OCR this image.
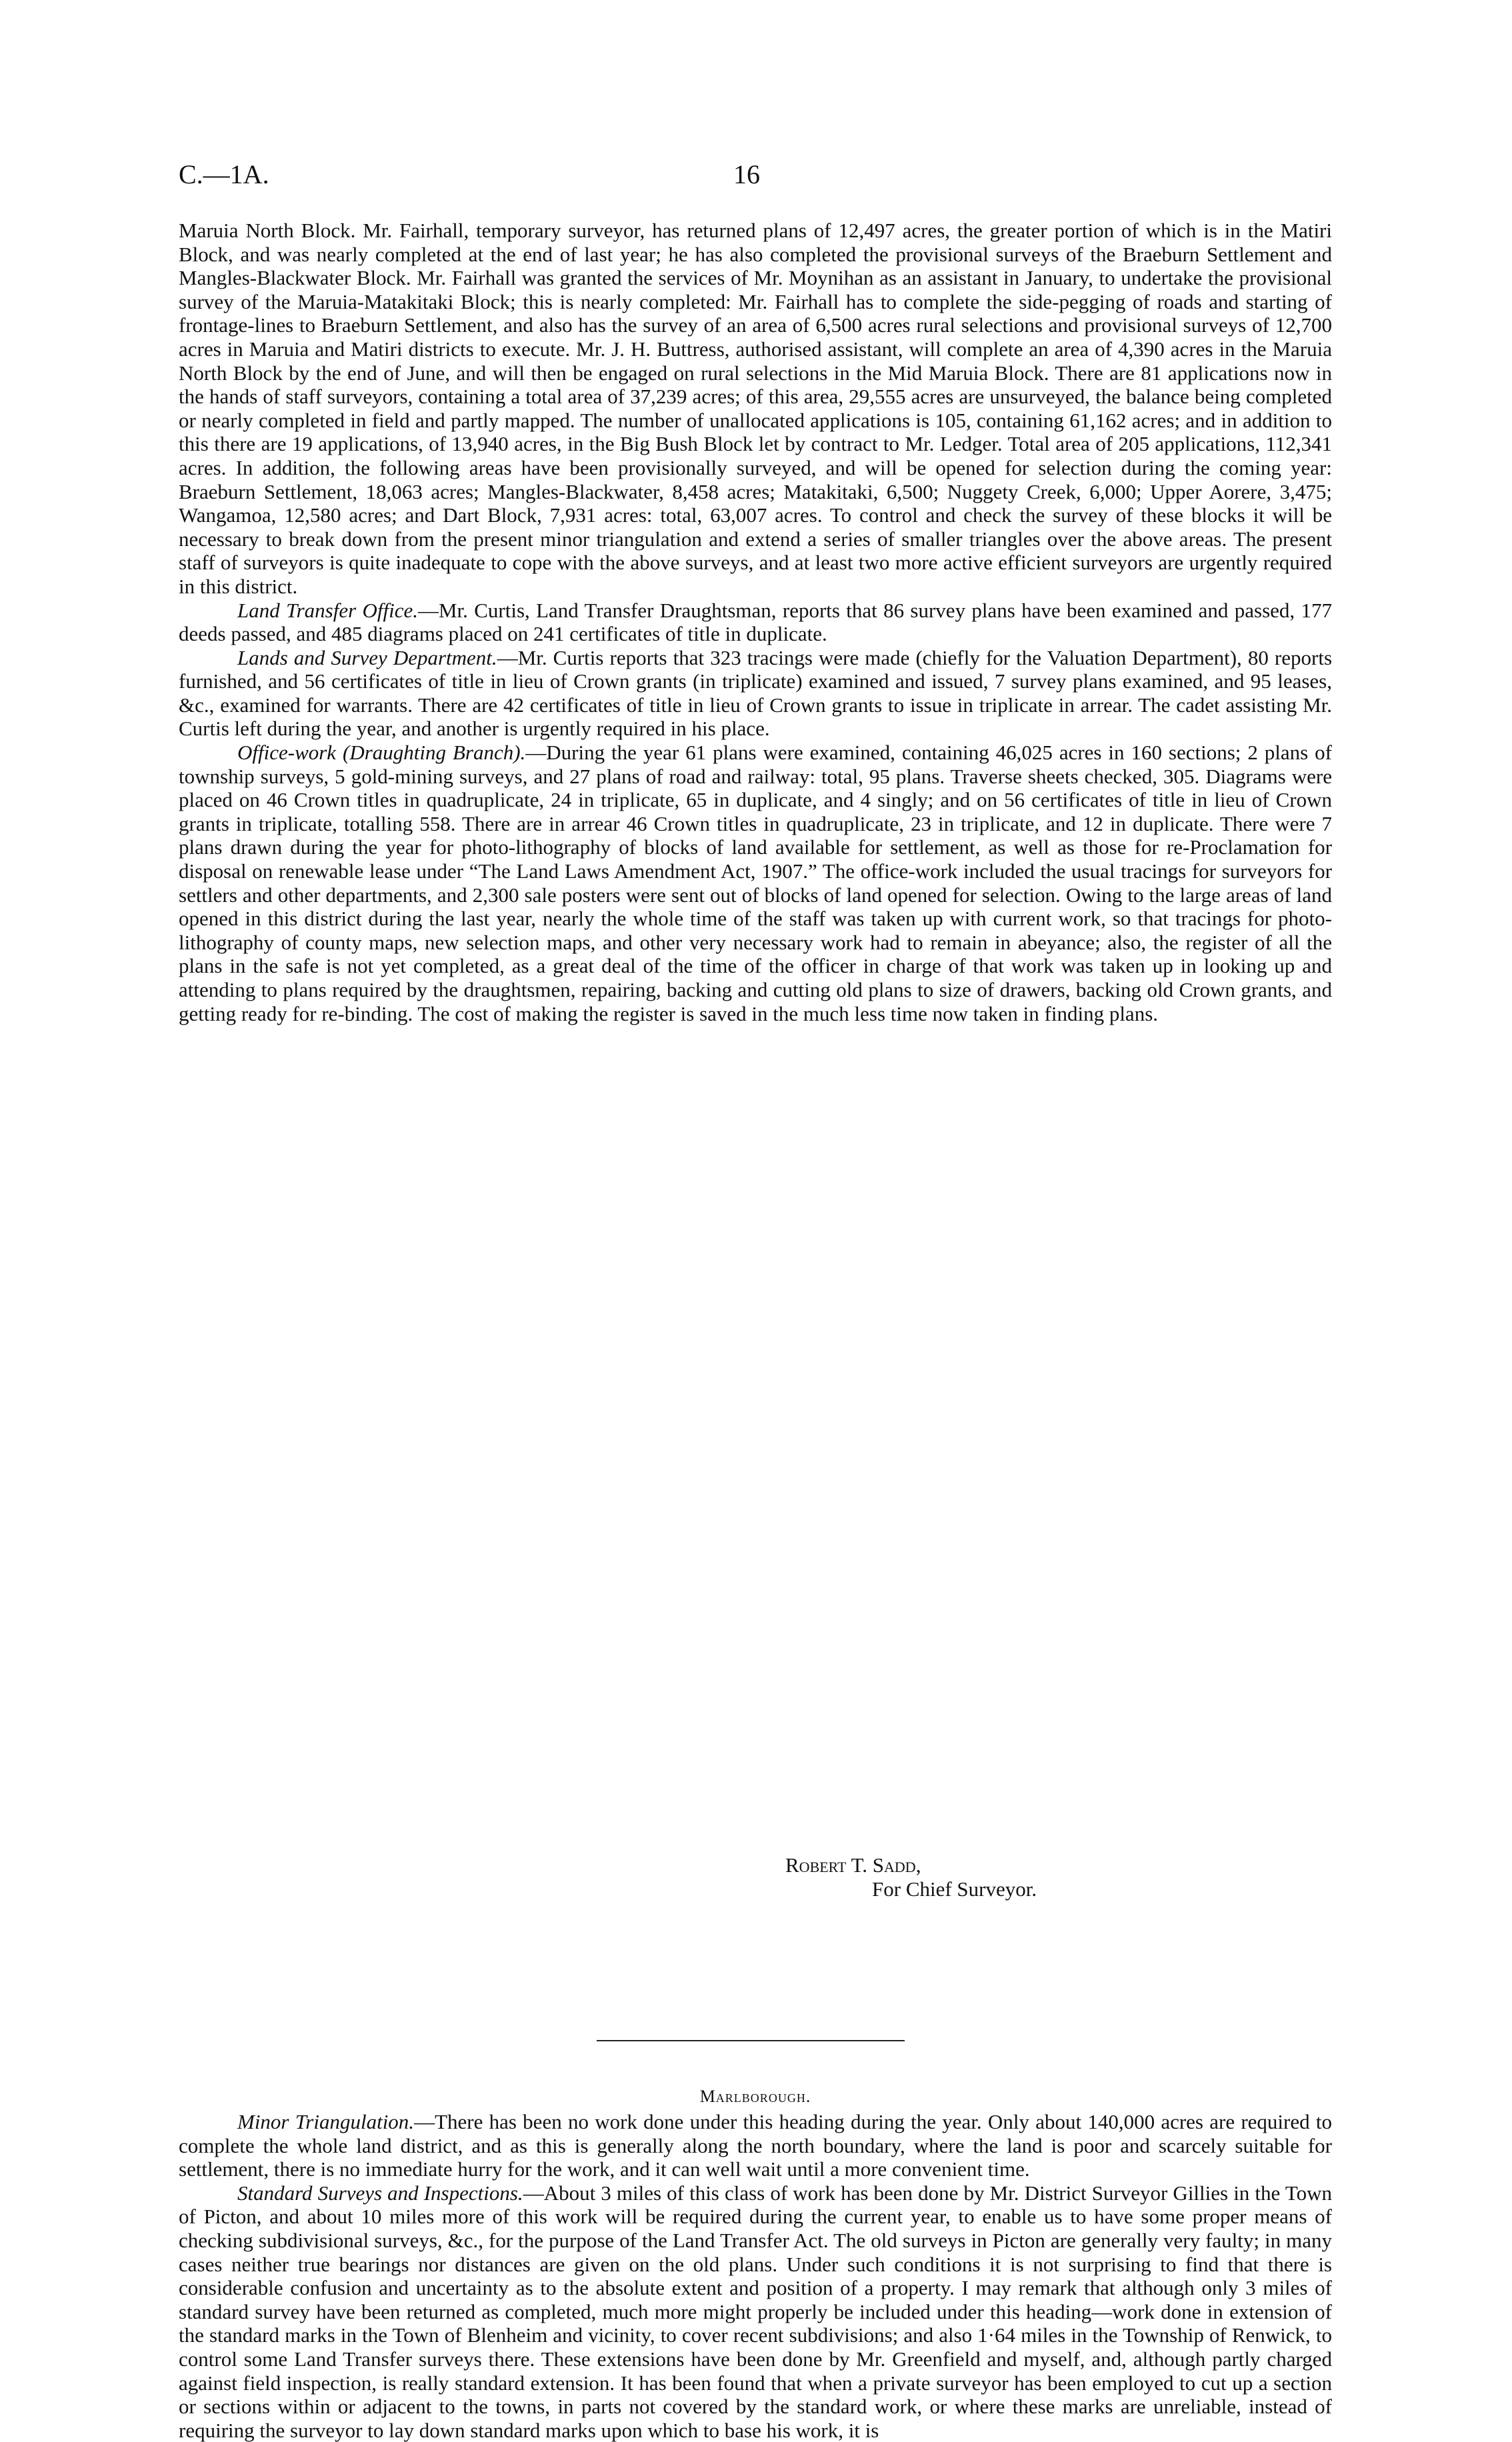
C.—1A.	16

Maruia North Block. Mr. Fairhall, temporary surveyor, has returned plans of 12,497 acres, the greater portion of which is in the Matiri Block, and was nearly completed at the end of last year; he has also completed the provisional surveys of the Braeburn Settlement and Mangles-Blackwater Block. Mr. Fairhall was granted the services of Mr. Moynihan as an assistant in January, to undertake the provisional survey of the Maruia-Matakitaki Block; this is nearly completed: Mr. Fairhall has to complete the side-pegging of roads and starting of frontage-lines to Braeburn Settlement, and also has the survey of an area of 6,500 acres rural selections and provisional surveys of 12,700 acres in Maruia and Matiri districts to execute. Mr. J. H. Buttress, authorised assistant, will complete an area of 4,390 acres in the Maruia North Block by the end of June, and will then be engaged on rural selections in the Mid Maruia Block. There are 81 applications now in the hands of staff surveyors, containing a total area of 37,239 acres; of this area, 29,555 acres are unsurveyed, the balance being completed or nearly completed in field and partly mapped. The number of unallocated applications is 105, containing 61,162 acres; and in addition to this there are 19 applications, of 13,940 acres, in the Big Bush Block let by contract to Mr. Ledger. Total area of 205 applications, 112,341 acres. In addition, the following areas have been provisionally surveyed, and will be opened for selection during the coming year: Braeburn Settlement, 18,063 acres; Mangles-Blackwater, 8,458 acres; Matakitaki, 6,500; Nuggety Creek, 6,000; Upper Aorere, 3,475; Wangamoa, 12,580 acres; and Dart Block, 7,931 acres: total, 63,007 acres. To control and check the survey of these blocks it will be necessary to break down from the present minor triangulation and extend a series of smaller triangles over the above areas. The present staff of surveyors is quite inadequate to cope with the above surveys, and at least two more active efficient surveyors are urgently required in this district.

Land Transfer Office.—Mr. Curtis, Land Transfer Draughtsman, reports that 86 survey plans have been examined and passed, 177 deeds passed, and 485 diagrams placed on 241 certificates of title in duplicate.

Lands and Survey Department.—Mr. Curtis reports that 323 tracings were made (chiefly for the Valuation Department), 80 reports furnished, and 56 certificates of title in lieu of Crown grants (in triplicate) examined and issued, 7 survey plans examined, and 95 leases, &c., examined for warrants. There are 42 certificates of title in lieu of Crown grants to issue in triplicate in arrear. The cadet assisting Mr. Curtis left during the year, and another is urgently required in his place.

Office-work (Draughting Branch).—During the year 61 plans were examined, containing 46,025 acres in 160 sections; 2 plans of township surveys, 5 gold-mining surveys, and 27 plans of road and railway: total, 95 plans. Traverse sheets checked, 305. Diagrams were placed on 46 Crown titles in quadruplicate, 24 in triplicate, 65 in duplicate, and 4 singly; and on 56 certificates of title in lieu of Crown grants in triplicate, totalling 558. There are in arrear 46 Crown titles in quadruplicate, 23 in triplicate, and 12 in duplicate. There were 7 plans drawn during the year for photo-lithography of blocks of land available for settlement, as well as those for re-Proclamation for disposal on renewable lease under “The Land Laws Amendment Act, 1907.” The office-work included the usual tracings for surveyors for settlers and other departments, and 2,300 sale posters were sent out of blocks of land opened for selection. Owing to the large areas of land opened in this district during the last year, nearly the whole time of the staff was taken up with current work, so that tracings for photo-lithography of county maps, new selection maps, and other very necessary work had to remain in abeyance; also, the register of all the plans in the safe is not yet completed, as a great deal of the time of the officer in charge of that work was taken up in looking up and attending to plans required by the draughtsmen, repairing, backing and cutting old plans to size of drawers, backing old Crown grants, and getting ready for re-binding. The cost of making the register is saved in the much less time now taken in finding plans.

Robert T. Sadd,
For Chief Surveyor.
Marlborough.

Minor Triangulation.—There has been no work done under this heading during the year. Only about 140,000 acres are required to complete the whole land district, and as this is generally along the north boundary, where the land is poor and scarcely suitable for settlement, there is no immediate hurry for the work, and it can well wait until a more convenient time.

Standard Surveys and Inspections.—About 3 miles of this class of work has been done by Mr. District Surveyor Gillies in the Town of Picton, and about 10 miles more of this work will be required during the current year, to enable us to have some proper means of checking subdivisional surveys, &c., for the purpose of the Land Transfer Act. The old surveys in Picton are generally very faulty; in many cases neither true bearings nor distances are given on the old plans. Under such conditions it is not surprising to find that there is considerable confusion and uncertainty as to the absolute extent and position of a property. I may remark that although only 3 miles of standard survey have been returned as completed, much more might properly be included under this heading—work done in extension of the standard marks in the Town of Blenheim and vicinity, to cover recent subdivisions; and also 1·64 miles in the Township of Renwick, to control some Land Transfer surveys there. These extensions have been done by Mr. Greenfield and myself, and, although partly charged against field inspection, is really standard extension. It has been found that when a private surveyor has been employed to cut up a section or sections within or adjacent to the towns, in parts not covered by the standard work, or where these marks are unreliable, instead of requiring the surveyor to lay down standard marks upon which to base his work, it is
